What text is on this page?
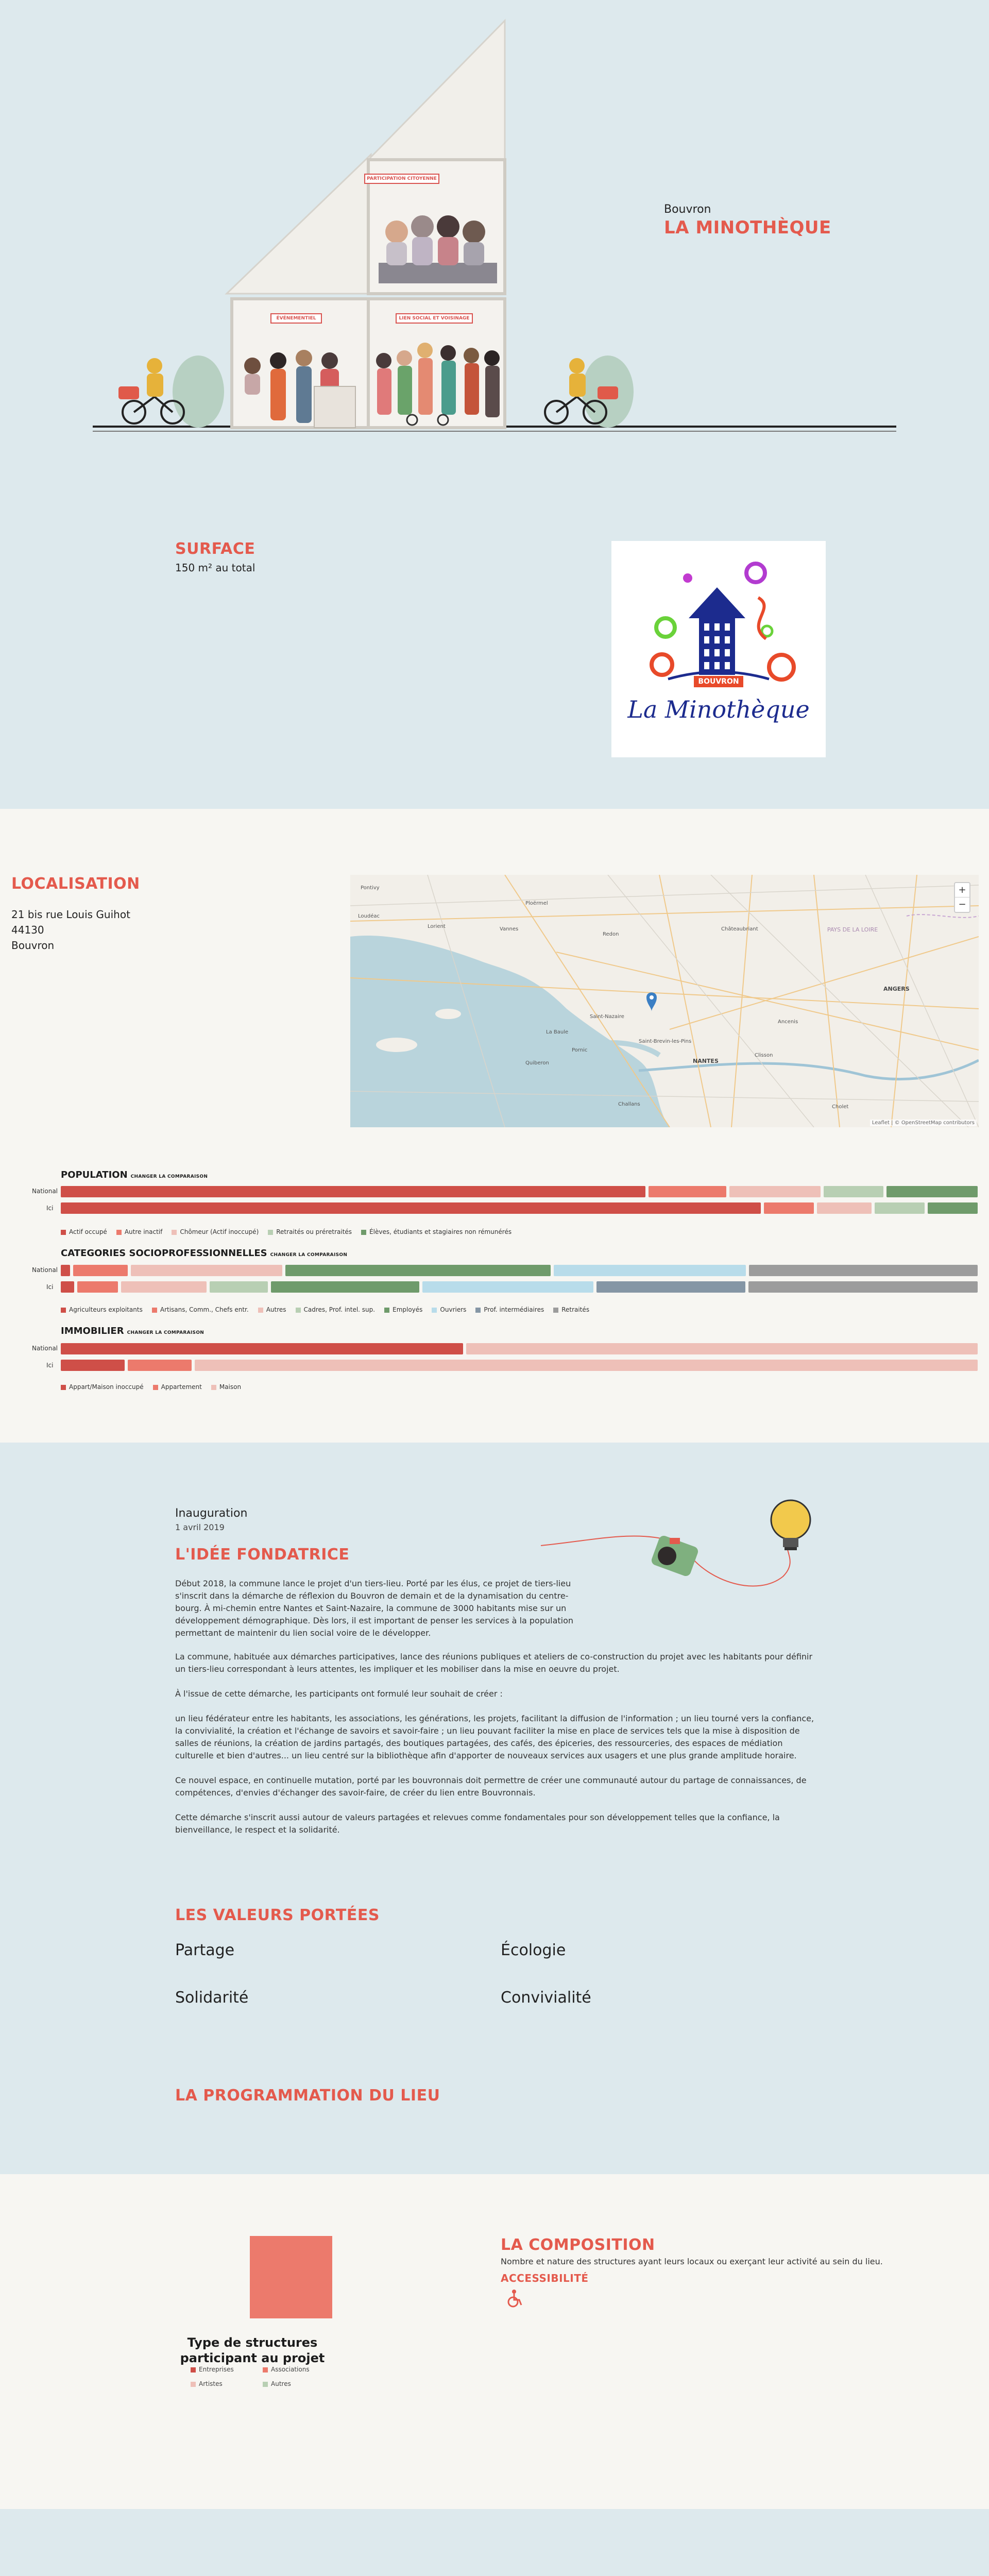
PARTICIPATION CITOYENNE
ÉVÉNEMENTIEL	LIEN SOCIAL ET VOISINAGE
Bouvron
LA MINOTHÈQUE
SURFACE
150 m² au total
BOUVRON
La Minothèque
LOCALISATION
21 bis rue Louis Guihot
44130
Bouvron
+
−
Leaflet | © OpenStreetMap contributors
Pontivy
Loudéac
Vannes
Lorient
Redon
Ploërmel
Saint-Nazaire
Pornic
NANTES
ANGERS
Cholet
Challans
Châteaubriant	PAYS DE LA LOIRE
Quiberon
La Baule
Clisson
Ancenis
Saint-Brevin-les-Pins
POPULATION CHANGER LA COMPARAISON
National
Ici
Actif occupé	Autre inactif	Chômeur (Actif inoccupé)	Retraités ou préretraités	Élèves, étudiants et stagiaires non rémunérés
CATEGORIES SOCIOPROFESSIONNELLES CHANGER LA COMPARAISON
National
Ici
Agriculteurs exploitants	Artisans, Comm., Chefs entr.	Autres	Cadres, Prof. intel. sup.	Employés	Ouvriers	Prof. intermédiaires	Retraités
IMMOBILIER CHANGER LA COMPARAISON
National
Ici
Appart/Maison inoccupé	Appartement	Maison
Inauguration
1 avril 2019
L'IDÉE FONDATRICE

Début 2018, la commune lance le projet d'un tiers-lieu. Porté par les élus, ce projet de tiers-lieu s'inscrit dans la démarche de réflexion du Bouvron de demain et de la dynamisation du centre-bourg. À mi-chemin entre Nantes et Saint-Nazaire, la commune de 3000 habitants mise sur un développement démographique. Dès lors, il est important de penser les services à la population permettant de maintenir du lien social voire de le développer.

La commune, habituée aux démarches participatives, lance des réunions publiques et ateliers de co-construction du projet avec les habitants pour définir un tiers-lieu correspondant à leurs attentes, les impliquer et les mobiliser dans la mise en oeuvre du projet.

À l'issue de cette démarche, les participants ont formulé leur souhait de créer :

un lieu fédérateur entre les habitants, les associations, les générations, les projets, facilitant la diffusion de l'information ; un lieu tourné vers la confiance, la convivialité, la création et l'échange de savoirs et savoir-faire ; un lieu pouvant faciliter la mise en place de services tels que la mise à disposition de salles de réunions, la création de jardins partagés, des boutiques partagées, des cafés, des épiceries, des ressourceries, des espaces de médiation culturelle et bien d'autres... un lieu centré sur la bibliothèque afin d'apporter de nouveaux services aux usagers et une plus grande amplitude horaire.

Ce nouvel espace, en continuelle mutation, porté par les bouvronnais doit permettre de créer une communauté autour du partage de connaissances, de compétences, d'envies d'échanger des savoir-faire, de créer du lien entre Bouvronnais.

Cette démarche s'inscrit aussi autour de valeurs partagées et relevues comme fondamentales pour son développement telles que la confiance, la bienveillance, le respect et la solidarité.

LES VALEURS PORTÉES
Partage	Écologie
Solidarité	Convivialité
LA PROGRAMMATION DU LIEU
Type de structures participant au projet
Entreprises	Associations
Artistes	Autres
LA COMPOSITION
Nombre et nature des structures ayant leurs locaux ou exerçant leur activité au sein du lieu.
ACCESSIBILITÉ
